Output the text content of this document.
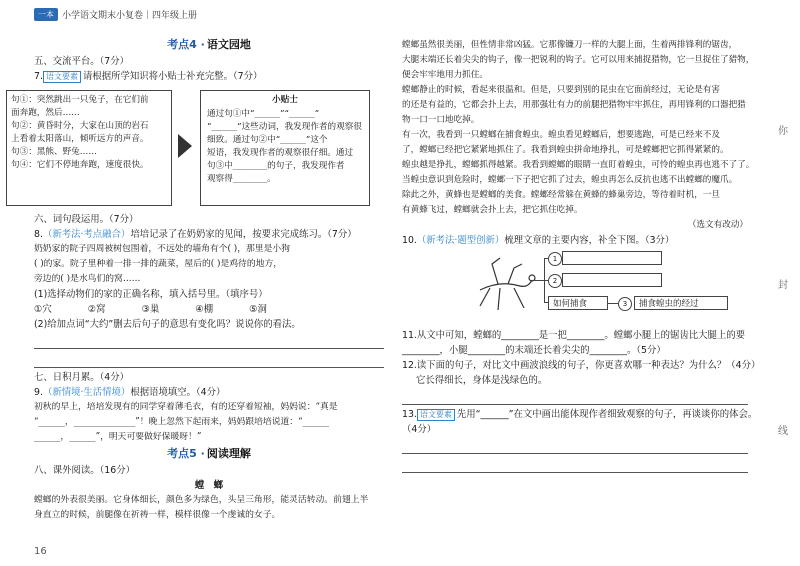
一本 小学语文期末小复卷｜四年级上册
考点4 · 语文园地
五、交流平台。（7分）
7. 语文要素 请根据所学知识将小贴士补充完整。（7分）
句①：突然跳出一只兔子，在它们前
面奔跑，然后……
句②：黄昏时分，大家在山顶的岩石
上看着太阳落山，倾听远方的声音。
句③：黑熊、野兔……
句④：它们不停地奔跑，速度很快。
小贴士
通过句①中“______”“______”
“______”这些动词，我发现作者的观察很
细致。通过句②中“______”这个
短语，我发现作者的观察很仔细。通过
句③中________的句子，我发现作者
观察得________。
六、词句段运用。（7分）
8.（新考法·考点融合）培培记录了在奶奶家的见闻，按要求完成练习。（7分）
奶奶家的院子四周被树包围着，不远处的墙角有个( )，那里是小狗
( )的家。院子里种着一排一排的蔬菜，屋后的( )是鸡待的地方，
旁边的( )是水鸟们的窝……
(1)选择动物们的家的正确名称，填入括号里。（填序号）
①穴	②窝	③巢	④棚	⑤洞
(2)给加点词“大约”删去后句子的意思有变化吗？说说你的看法。
七、日积月累。（4分）
9.（新情境·生活情境）根据语境填空。（4分）
初秋的早上，培培发现有的同学穿着薄毛衣，有的还穿着短袖，妈妈说：“真是
“______，______________”！晚上忽然下起雨来，妈妈跟培培说道：“______
______，______”，明天可要做好保暖呀！”
考点5 · 阅读理解
八、课外阅读。（16分）
螳　螂
螳螂的外表很美丽。它身体细长，颜色多为绿色，头呈三角形，能灵活转动。前翅上半
身直立的时候，前腿像在祈祷一样，模样很像一个虔诚的女子。
螳螂虽然很美丽，但性情非常凶猛。它那像镰刀一样的大腿上面，生着两排锋利的锯齿，
大腿末端还长着尖尖的钩子，像一把锐利的钩子。它可以用来捕捉猎物，它一旦捉住了猎物，
便会牢牢地用力抓住。
螳螂静止的时候，看起来很温和。但是，只要到别的昆虫在它面前经过，无论是有害
的还是有益的，它都会扑上去，用那强壮有力的前腿把猎物牢牢抓住，再用锋利的口器把猎
物一口一口地吃掉。
有一次，我看到一只螳螂在捕食蝗虫。蝗虫看见螳螂后，想要逃跑，可是已经来不及
了，螳螂已经把它紧紧地抓住了。我看到蝗虫拼命地挣扎，可是螳螂把它抓得紧紧的。
蝗虫越是挣扎，螳螂抓得越紧。我看到螳螂的眼睛一直盯着蝗虫，可怜的蝗虫再也逃不了了。
当蝗虫意识到危险时，螳螂一下子把它抓了过去，蝗虫再怎么反抗也逃不出螳螂的魔爪。
除此之外，黄蜂也是螳螂的美食。螳螂经常躲在黄蜂的蜂巢旁边，等待着时机，一旦
有黄蜂飞过，螳螂就会扑上去，把它抓住吃掉。
（选文有改动）
10.（新考法·题型创新）梳理文章的主要内容，补全下图。（3分）
1
2
如何捕食	3	捕食蝗虫的经过
11.从文中可知，螳螂的________是一把________。螳螂小腿上的锯齿比大腿上的要
________，小腿________的末端还长着尖尖的________。（5分）
12.读下面的句子，对比文中画波浪线的句子，你更喜欢哪一种表达？为什么？（4分）
它长得细长，身体是浅绿色的。
13. 语文要素 先用“______”在文中画出能体现作者细致观察的句子，再谈谈你的体会。
（4分）
16
你
封
线
